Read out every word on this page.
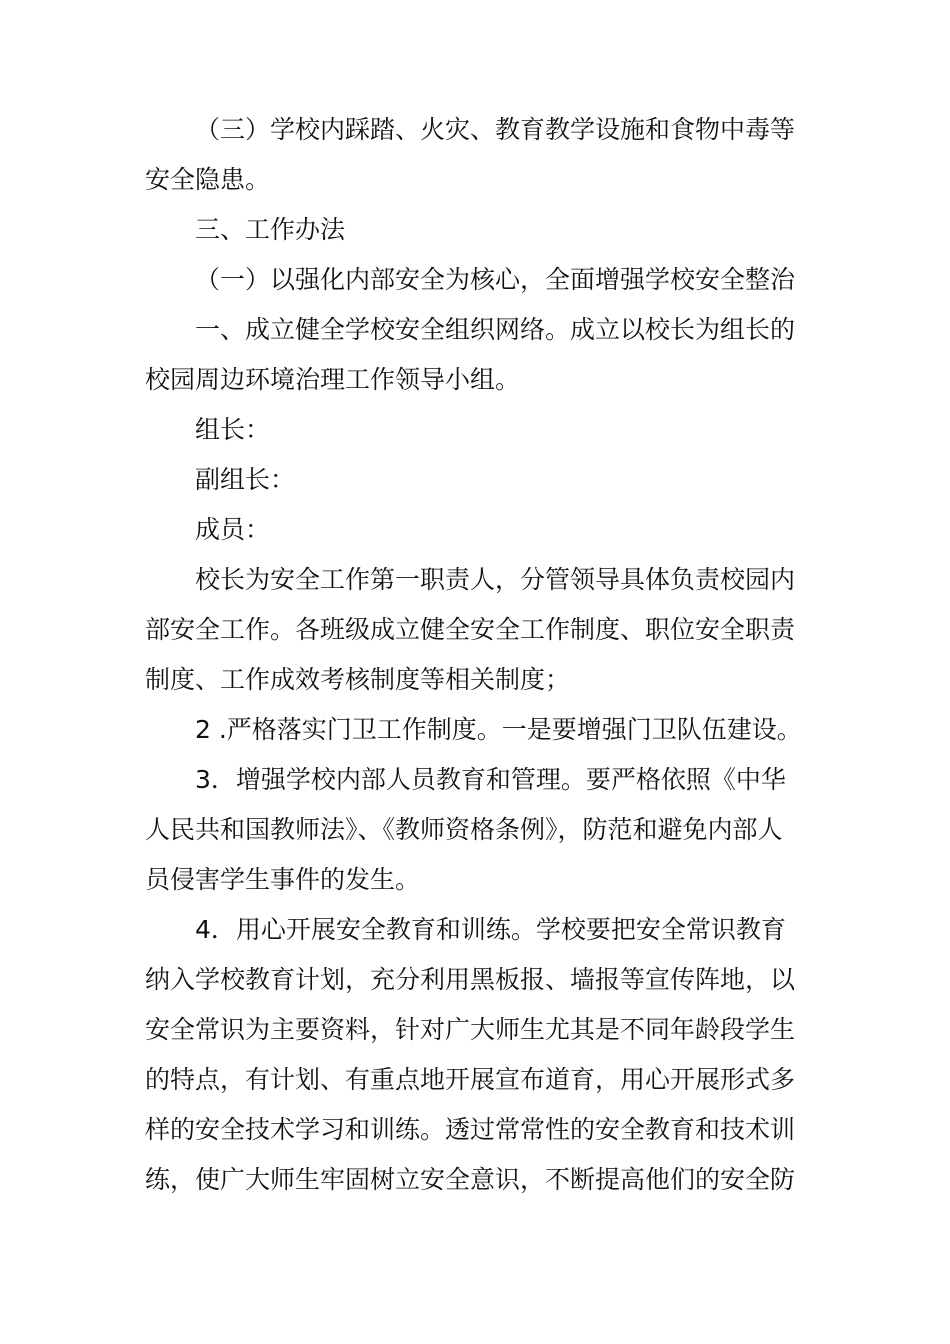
（三）学校内踩踏、火灾、教育教学设施和食物中毒等
安全隐患。
三、工作办法
（一）以强化内部安全为核心，全面增强学校安全整治
一、成立健全学校安全组织网络。成立以校长为组长的
校园周边环境治理工作领导小组。
组长：
副组长：
成员：
校长为安全工作第一职责人，分管领导具体负责校园内
部安全工作。各班级成立健全安全工作制度、职位安全职责
制度、工作成效考核制度等相关制度；
2 .严格落实门卫工作制度。一是要增强门卫队伍建设。
3．增强学校内部人员教育和管理。要严格依照《中华
人民共和国教师法》、《教师资格条例》，防范和避免内部人
员侵害学生事件的发生。
4．用心开展安全教育和训练。学校要把安全常识教育
纳入学校教育计划，充分利用黑板报、墙报等宣传阵地，以
安全常识为主要资料，针对广大师生尤其是不同年龄段学生
的特点，有计划、有重点地开展宣布道育，用心开展形式多
样的安全技术学习和训练。透过常常性的安全教育和技术训
练，使广大师生牢固树立安全意识，不断提高他们的安全防
